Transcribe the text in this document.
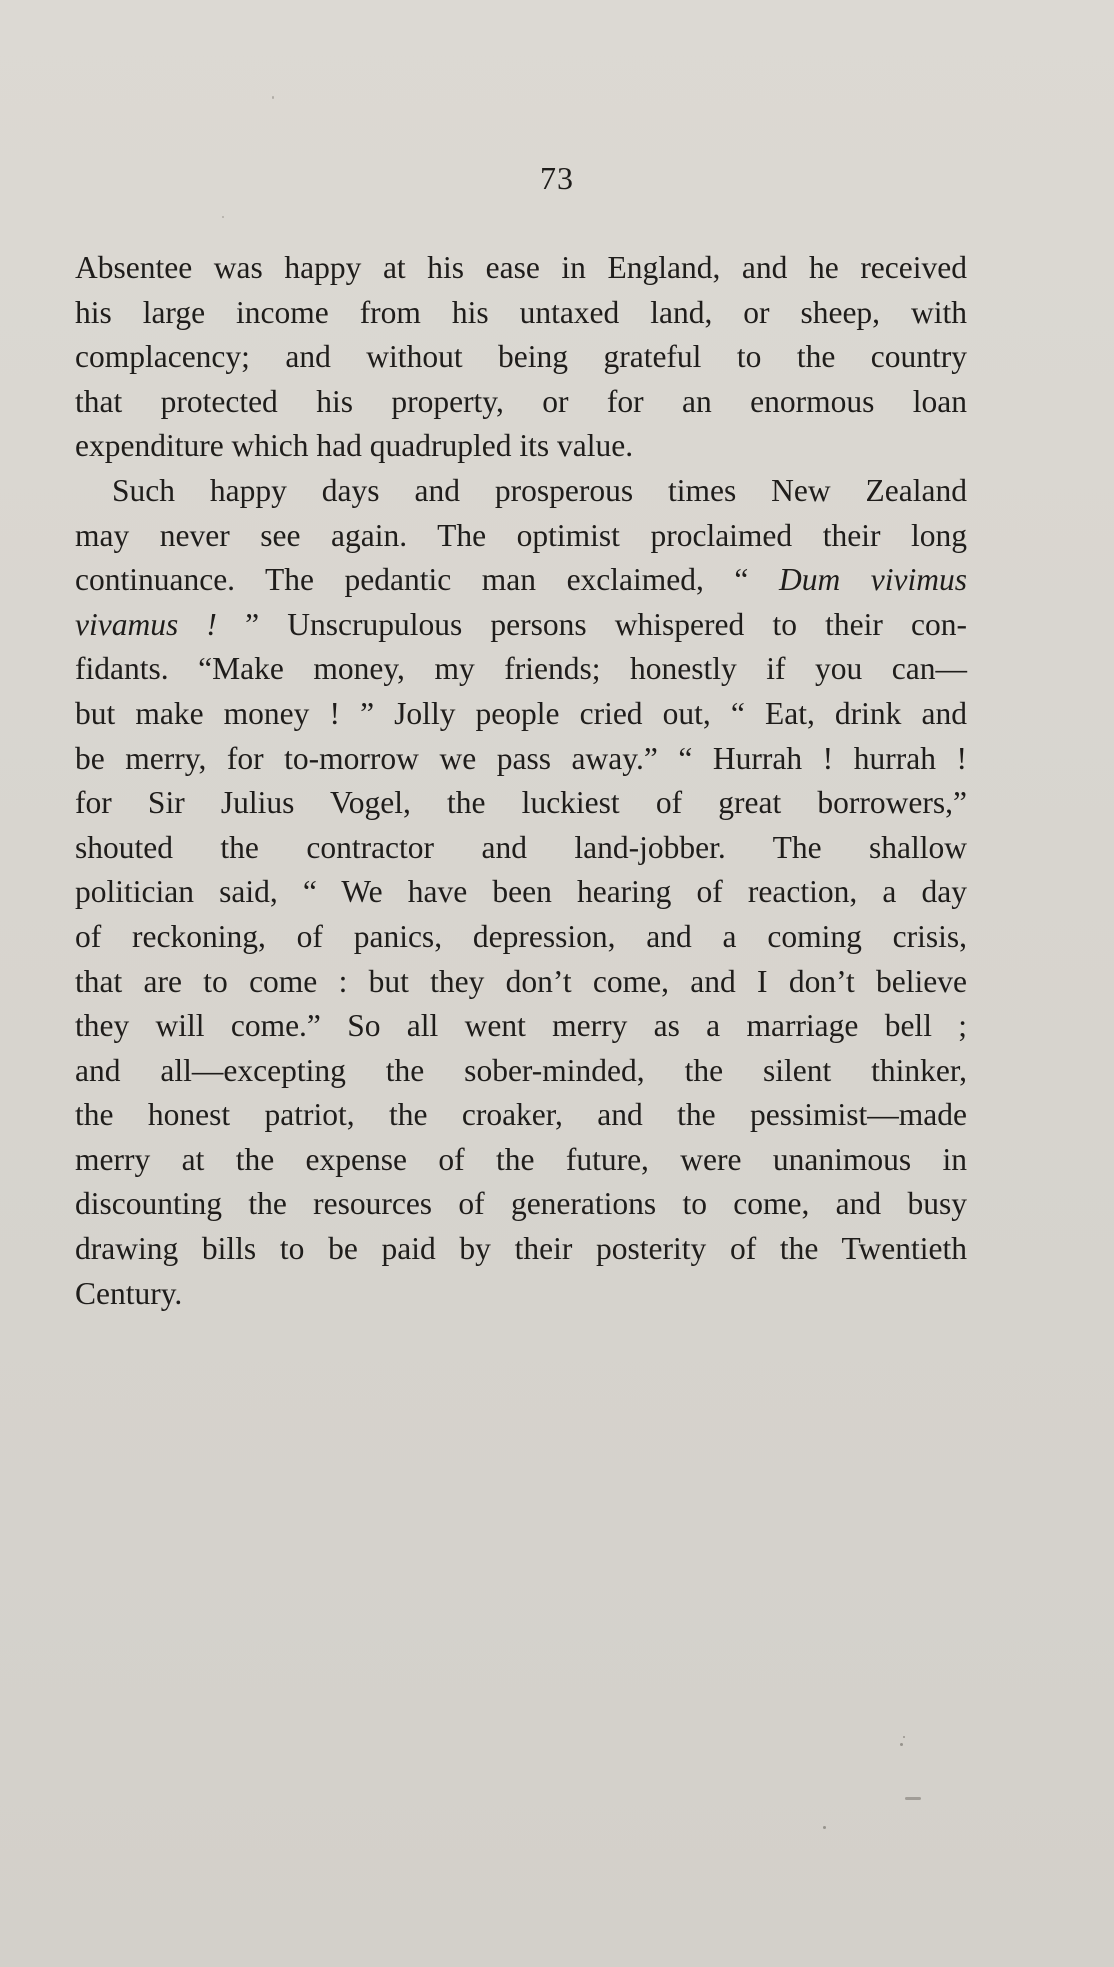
73
Absentee was happy at his ease in England, and he received
his large income from his untaxed land, or sheep, with
complacency; and without being grateful to the country
that protected his property, or for an enormous loan
expenditure which had quadrupled its value.
Such happy days and prosperous times New Zealand
may never see again. The optimist proclaimed their long
continuance. The pedantic man exclaimed, “ Dum vivimus
vivamus ! ” Unscrupulous persons whispered to their con-
fidants. “Make money, my friends; honestly if you can—
but make money ! ” Jolly people cried out, “ Eat, drink and
be merry, for to-morrow we pass away.” “ Hurrah ! hurrah !
for Sir Julius Vogel, the luckiest of great borrowers,”
shouted the contractor and land-jobber. The shallow
politician said, “ We have been hearing of reaction, a day
of reckoning, of panics, depression, and a coming crisis,
that are to come : but they don’t come, and I don’t believe
they will come.” So all went merry as a marriage bell ;
and all—excepting the sober-minded, the silent thinker,
the honest patriot, the croaker, and the pessimist—made
merry at the expense of the future, were unanimous in
discounting the resources of generations to come, and busy
drawing bills to be paid by their posterity of the Twentieth
Century.
